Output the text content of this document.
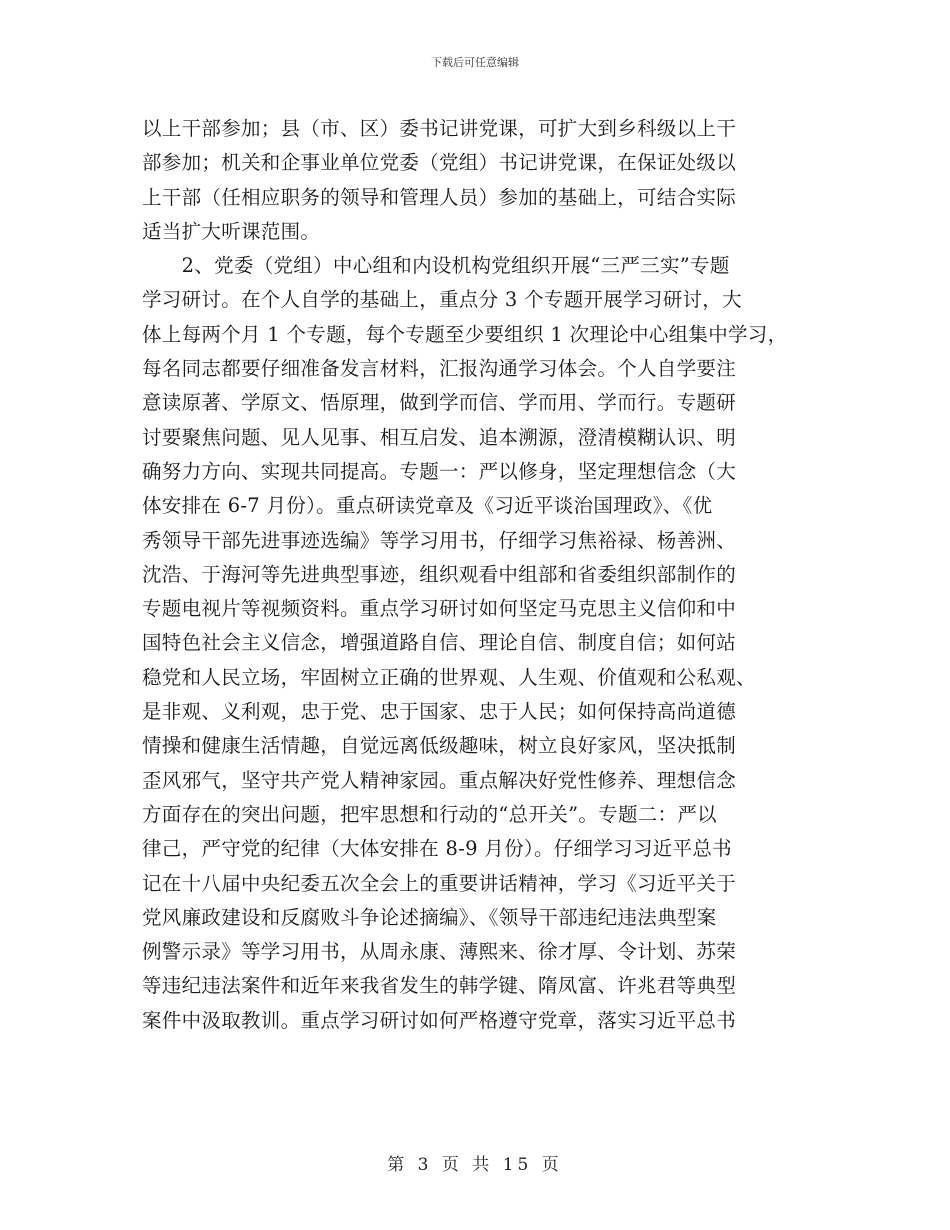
下载后可任意编辑
以上干部参加；县（市、区）委书记讲党课，可扩大到乡科级以上干
部参加；机关和企事业单位党委（党组）书记讲党课，在保证处级以
上干部（任相应职务的领导和管理人员）参加的基础上，可结合实际
适当扩大听课范围。
　　2、党委（党组）中心组和内设机构党组织开展“三严三实”专题
学习研讨。在个人自学的基础上，重点分 3 个专题开展学习研讨，大
体上每两个月 1 个专题，每个专题至少要组织 1 次理论中心组集中学习，
每名同志都要仔细准备发言材料，汇报沟通学习体会。个人自学要注
意读原著、学原文、悟原理，做到学而信、学而用、学而行。专题研
讨要聚焦问题、见人见事、相互启发、追本溯源，澄清模糊认识、明
确努力方向、实现共同提高。专题一：严以修身，坚定理想信念（大
体安排在 6-7 月份）。重点研读党章及《习近平谈治国理政》、《优
秀领导干部先进事迹选编》等学习用书，仔细学习焦裕禄、杨善洲、
沈浩、于海河等先进典型事迹，组织观看中组部和省委组织部制作的
专题电视片等视频资料。重点学习研讨如何坚定马克思主义信仰和中
国特色社会主义信念，增强道路自信、理论自信、制度自信；如何站
稳党和人民立场，牢固树立正确的世界观、人生观、价值观和公私观、
是非观、义利观，忠于党、忠于国家、忠于人民；如何保持高尚道德
情操和健康生活情趣，自觉远离低级趣味，树立良好家风，坚决抵制
歪风邪气，坚守共产党人精神家园。重点解决好党性修养、理想信念
方面存在的突出问题，把牢思想和行动的“总开关”。专题二：严以
律己，严守党的纪律（大体安排在 8-9 月份）。仔细学习习近平总书
记在十八届中央纪委五次全会上的重要讲话精神，学习《习近平关于
党风廉政建设和反腐败斗争论述摘编》、《领导干部违纪违法典型案
例警示录》等学习用书，从周永康、薄熙来、徐才厚、令计划、苏荣
等违纪违法案件和近年来我省发生的韩学键、隋凤富、许兆君等典型
案件中汲取教训。重点学习研讨如何严格遵守党章，落实习近平总书
第 3 页 共 15 页
